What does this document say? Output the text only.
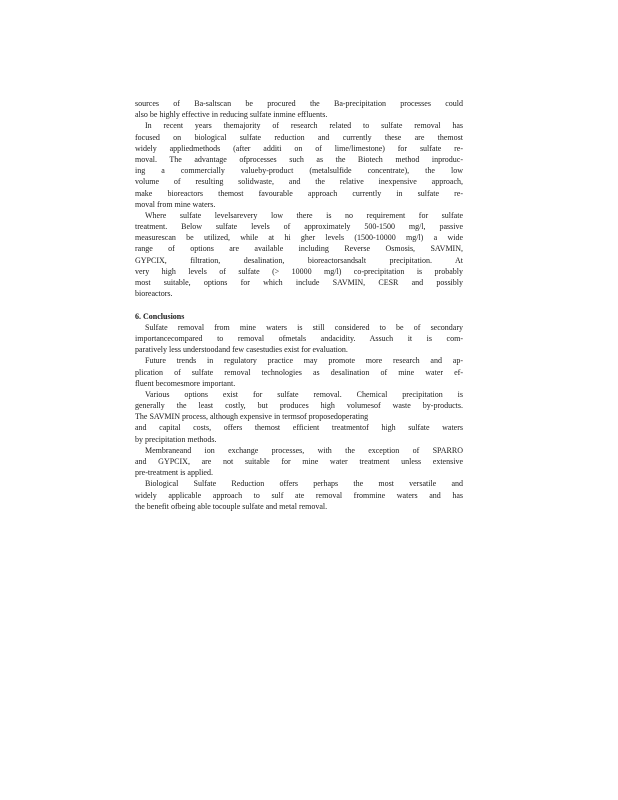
sources of Ba-saltscan be procured the Ba-precipitation processes could
also be highly effective in reducing sulfate inmine effluents.
In recent years themajority of research related to sulfate removal has
focused on biological sulfate reduction and currently these are themost
widely appliedmethods (after additi on of lime/limestone) for sulfate re-
moval. The advantage ofprocesses such as the Biotech method inproduc-
ing a commercially valueby-product (metalsulfide concentrate), the low
volume of resulting solidwaste, and the relative inexpensive approach,
make bioreactors themost favourable approach currently in sulfate re-
moval from mine waters.
Where sulfate levelsarevery low there is no requirement for sulfate
treatment. Below sulfate levels of approximately 500-1500 mg/l, passive
measurescan be utilized, while at hi gher levels (1500-10000 mg/l) a wide
range of options are available including Reverse Osmosis, SAVMIN,
GYPCIX, filtration, desalination, bioreactorsandsalt precipitation. At
very high levels of sulfate (> 10000 mg/l) co-precipitation is probably
most suitable, options for which include SAVMIN, CESR and possibly
bioreactors.
6. Conclusions
Sulfate removal from mine waters is still considered to be of secondary
importancecompared to removal ofmetals andacidity. Assuch it is com-
paratively less understoodand few casestudies exist for evaluation.
Future trends in regulatory practice may promote more research and ap-
plication of sulfate removal technologies as desalination of mine water ef-
fluent becomesmore important.
Various options exist for sulfate removal. Chemical precipitation is
generally the least costly, but produces high volumesof waste by-products.
The SAVMIN process, although expensive in termsof proposedoperating
and capital costs, offers themost efficient treatmentof high sulfate waters
by precipitation methods.
Membraneand ion exchange processes, with the exception of SPARRO
and GYPCIX, are not suitable for mine water treatment unless extensive
pre-treatment is applied.
Biological Sulfate Reduction offers perhaps the most versatile and
widely applicable approach to sulf ate removal frommine waters and has
the benefit ofbeing able tocouple sulfate and metal removal.
